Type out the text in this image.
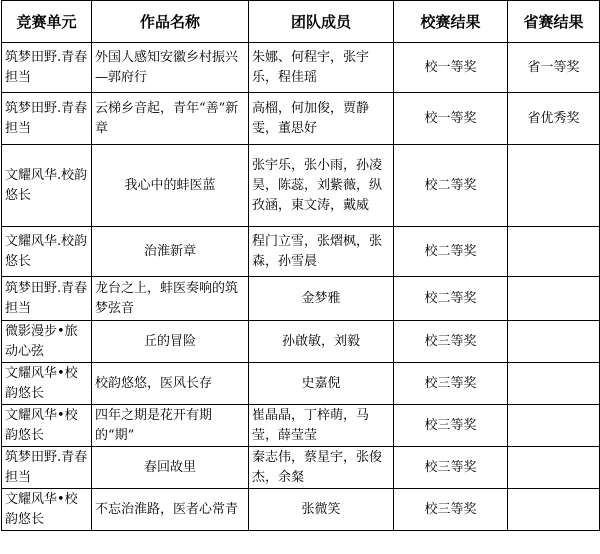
竞赛单元	作品名称	团队成员	校赛结果	省赛结果
筑梦田野.青春担当	外国人感知安徽乡村振兴—郭府行	朱娜、何程宇，张宇乐，程佳瑶	校一等奖	省一等奖
筑梦田野.青春担当	云梯乡音起，青年“善”新章	高榴，何加俊，贾静雯，董思好	校一等奖	省优秀奖
文耀风华.校韵悠长	我心中的蚌医蓝	张宇乐，张小雨，孙凌昊，陈蕊，刘紫薇，纵孜涵，東文涛，戴威	校二等奖	
文耀风华.校韵悠长	治淮新章	程门立雪，张熠枫，张森，孙雪晨	校二等奖	
筑梦田野.青春担当	龙台之上，蚌医奏响的筑梦弦音	金梦雅	校二等奖	
微影漫步•旅动心弦	丘的冒险	孙啟敏，刘毅	校三等奖	
文耀风华•校韵悠长	校韵悠悠，医风长存	史嘉倪	校三等奖	
文耀风华•校韵悠长	四年之期是花开有期的“期”	崔晶晶，丁梓萌，马莹，薛莹莹	校三等奖	
筑梦田野.青春担当	春回故里	秦志伟，蔡星宇，张俊杰，余粲	校三等奖	
文耀风华•校韵悠长	不忘治淮路，医者心常青	张微笑	校三等奖	
